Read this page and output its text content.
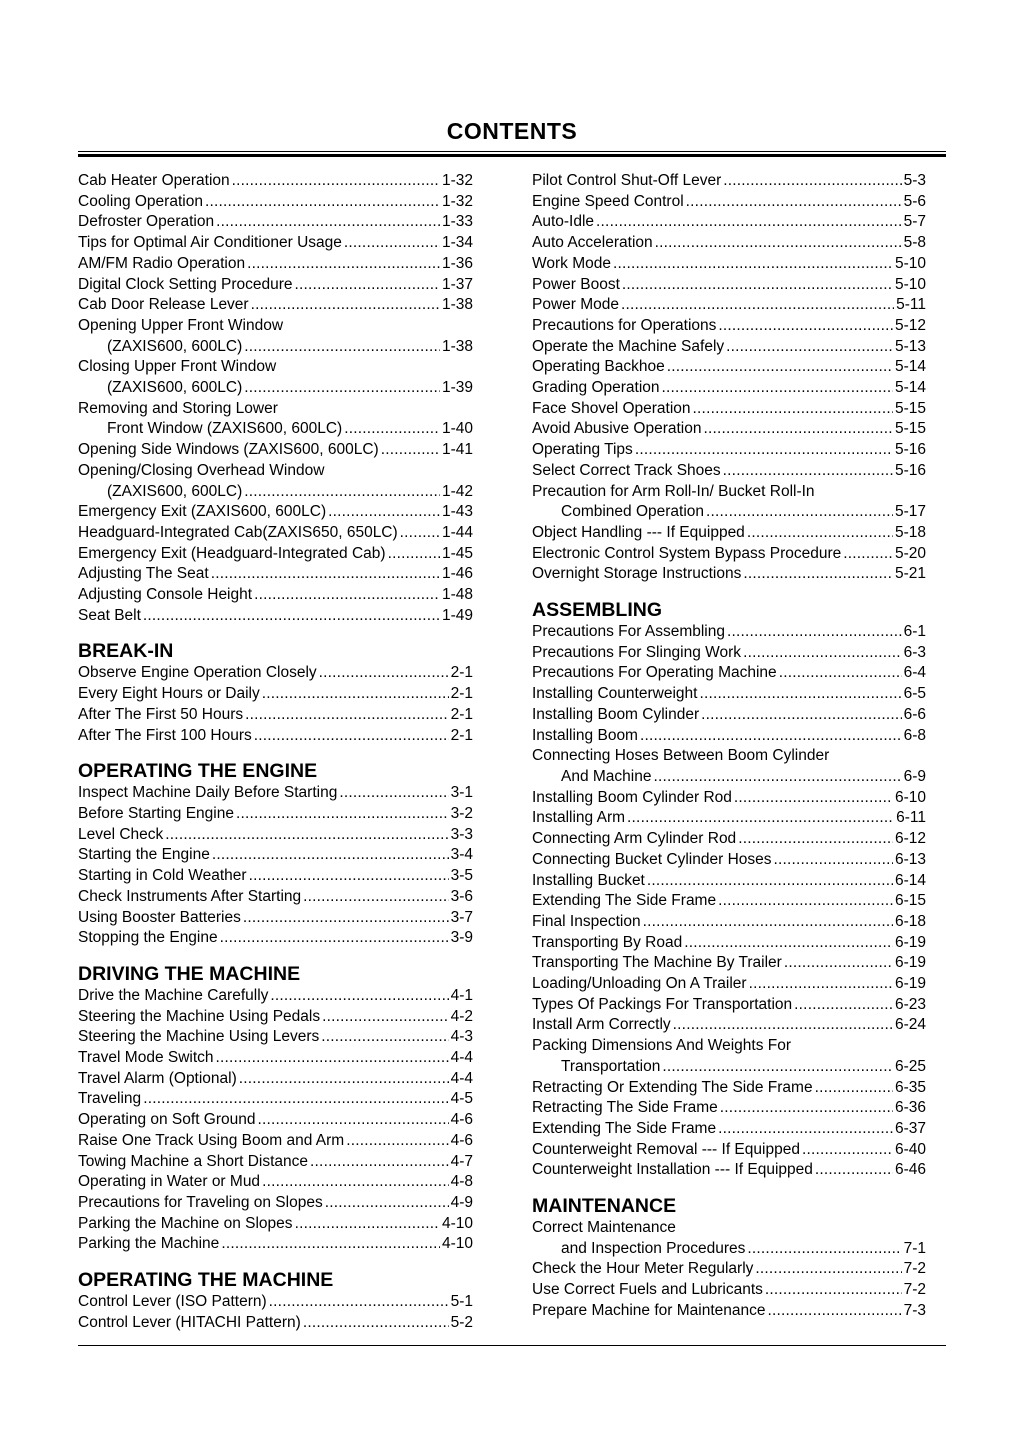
CONTENTS
Cab Heater Operation .....	1-32
Cooling Operation .....	1-32
Defroster Operation .....	1-33
Tips for Optimal Air Conditioner Usage .....	1-34
AM/FM Radio Operation .....	1-36
Digital Clock Setting Procedure .....	1-37
Cab Door Release Lever .....	1-38
Opening Upper Front Window
(ZAXIS600, 600LC) .....	1-38
Closing Upper Front Window
(ZAXIS600, 600LC) .....	1-39
Removing and Storing Lower
Front Window (ZAXIS600, 600LC) .....	1-40
Opening Side Windows (ZAXIS600, 600LC) .....	1-41
Opening/Closing Overhead Window
(ZAXIS600, 600LC) .....	1-42
Emergency Exit (ZAXIS600, 600LC) .....	1-43
Headguard-Integrated Cab(ZAXIS650, 650LC) .....	1-44
Emergency Exit (Headguard-Integrated Cab) .....	1-45
Adjusting The Seat .....	1-46
Adjusting Console Height .....	1-48
Seat Belt .....	1-49
BREAK-IN
Observe Engine Operation Closely .....	2-1
Every Eight Hours or Daily .....	2-1
After The First 50 Hours .....	2-1
After The First 100 Hours .....	2-1
OPERATING THE ENGINE
Inspect Machine Daily Before Starting .....	3-1
Before Starting Engine .....	3-2
Level Check .....	3-3
Starting the Engine .....	3-4
Starting in Cold Weather .....	3-5
Check Instruments After Starting .....	3-6
Using Booster Batteries .....	3-7
Stopping the Engine .....	3-9
DRIVING THE MACHINE
Drive the Machine Carefully .....	4-1
Steering the Machine Using Pedals .....	4-2
Steering the Machine Using Levers .....	4-3
Travel Mode Switch .....	4-4
Travel Alarm (Optional) .....	4-4
Traveling .....	4-5
Operating on Soft Ground .....	4-6
Raise One Track Using Boom and Arm .....	4-6
Towing Machine a Short Distance .....	4-7
Operating in Water or Mud .....	4-8
Precautions for Traveling on Slopes .....	4-9
Parking the Machine on Slopes .....	4-10
Parking the Machine .....	4-10
OPERATING THE MACHINE
Control Lever (ISO Pattern) .....	5-1
Control Lever (HITACHI Pattern) .....	5-2
Pilot Control Shut-Off Lever .....	5-3
Engine Speed Control .....	5-6
Auto-Idle .....	5-7
Auto Acceleration .....	5-8
Work Mode .....	5-10
Power Boost .....	5-10
Power Mode .....	5-11
Precautions for Operations .....	5-12
Operate the Machine Safely .....	5-13
Operating Backhoe .....	5-14
Grading Operation .....	5-14
Face Shovel Operation .....	5-15
Avoid Abusive Operation .....	5-15
Operating Tips .....	5-16
Select Correct Track Shoes .....	5-16
Precaution for Arm Roll-In/ Bucket Roll-In
Combined Operation .....	5-17
Object Handling --- If Equipped .....	5-18
Electronic Control System Bypass Procedure .....	5-20
Overnight Storage Instructions .....	5-21
ASSEMBLING
Precautions For Assembling .....	6-1
Precautions For Slinging Work .....	6-3
Precautions For Operating Machine .....	6-4
Installing Counterweight .....	6-5
Installing Boom Cylinder .....	6-6
Installing Boom .....	6-8
Connecting Hoses Between Boom Cylinder
And Machine .....	6-9
Installing Boom Cylinder Rod .....	6-10
Installing Arm .....	6-11
Connecting Arm Cylinder Rod .....	6-12
Connecting Bucket Cylinder Hoses .....	6-13
Installing Bucket .....	6-14
Extending The Side Frame .....	6-15
Final Inspection .....	6-18
Transporting By Road .....	6-19
Transporting The Machine By Trailer .....	6-19
Loading/Unloading On A Trailer .....	6-19
Types Of Packings For Transportation .....	6-23
Install Arm Correctly .....	6-24
Packing Dimensions And Weights For
Transportation .....	6-25
Retracting Or Extending The Side Frame .....	6-35
Retracting The Side Frame .....	6-36
Extending The Side Frame .....	6-37
Counterweight Removal --- If Equipped .....	6-40
Counterweight Installation --- If Equipped .....	6-46
MAINTENANCE
Correct Maintenance
and Inspection Procedures .....	7-1
Check the Hour Meter Regularly .....	7-2
Use Correct Fuels and Lubricants .....	7-2
Prepare Machine for Maintenance .....	7-3
